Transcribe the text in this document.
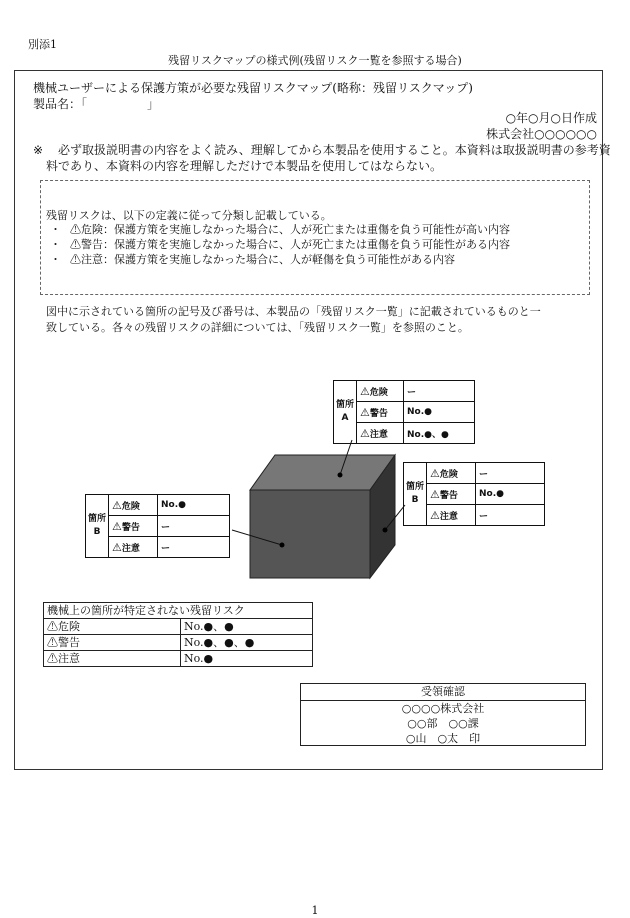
別添1
残留リスクマップの様式例(残留リスク一覧を参照する場合)
機械ユーザーによる保護方策が必要な残留リスクマップ(略称：残留リスクマップ)
製品名：「　　　　　」
○年○月○日作成
株式会社○○○○○○
※ 必ず取扱説明書の内容をよく読み、理解してから本製品を使用すること。本資料は取扱説明書の参考資
料であり、本資料の内容を理解しただけで本製品を使用してはならない。
残留リスクは、以下の定義に従って分類し記載している。
・ ⚠危険：保護方策を実施しなかった場合に、人が死亡または重傷を負う可能性が高い内容
・ ⚠警告：保護方策を実施しなかった場合に、人が死亡または重傷を負う可能性がある内容
・ ⚠注意：保護方策を実施しなかった場合に、人が軽傷を負う可能性がある内容
図中に示されている箇所の記号及び番号は、本製品の「残留リスク一覧」に記載されているものと一
致している。各々の残留リスクの詳細については、「残留リスク一覧」を参照のこと。
箇所A	⚠危険	ー
	⚠警告	No.●
	⚠注意	No.●、●
箇所B	⚠危険	No.●
	⚠警告	ー
	⚠注意	ー
箇所B	⚠危険	ー
	⚠警告	No.●
	⚠注意	ー
機械上の箇所が特定されない残留リスク	
⚠危険	No.●、●
⚠警告	No.●、●、●
⚠注意	No.●
受領確認
○○○○株式会社
○○部　○○課
○山　○太　印
1
